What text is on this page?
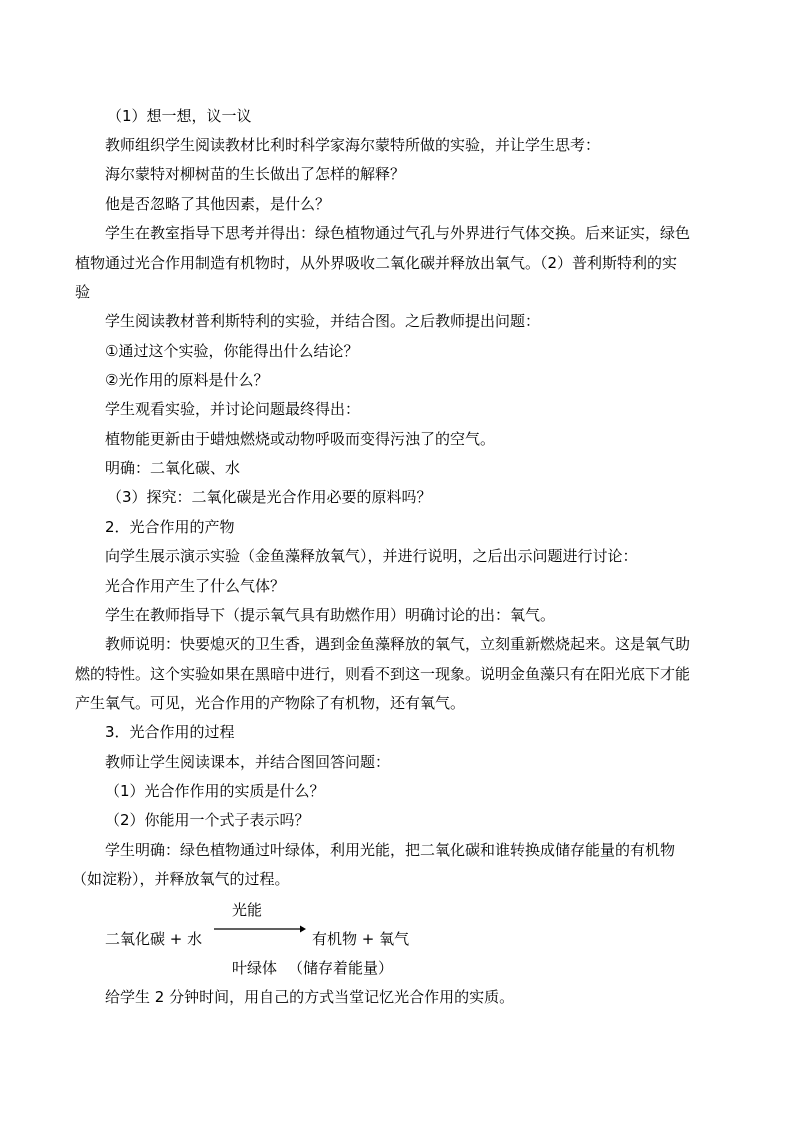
（1）想一想，议一议
教师组织学生阅读教材比利时科学家海尔蒙特所做的实验，并让学生思考：
海尔蒙特对柳树苗的生长做出了怎样的解释？
他是否忽略了其他因素，是什么？
学生在教室指导下思考并得出：绿色植物通过气孔与外界进行气体交换。后来证实，绿色
植物通过光合作用制造有机物时，从外界吸收二氧化碳并释放出氧气。（2）普利斯特利的实
验
学生阅读教材普利斯特利的实验，并结合图。之后教师提出问题：
①通过这个实验，你能得出什么结论？
②光作用的原料是什么？
学生观看实验，并讨论问题最终得出：
植物能更新由于蜡烛燃烧或动物呼吸而变得污浊了的空气。
明确：二氧化碳、水
（3）探究：二氧化碳是光合作用必要的原料吗？
2．光合作用的产物
向学生展示演示实验（金鱼藻释放氧气），并进行说明，之后出示问题进行讨论：
光合作用产生了什么气体？
学生在教师指导下（提示氧气具有助燃作用）明确讨论的出：氧气。
教师说明：快要熄灭的卫生香，遇到金鱼藻释放的氧气，立刻重新燃烧起来。这是氧气助
燃的特性。这个实验如果在黑暗中进行，则看不到这一现象。说明金鱼藻只有在阳光底下才能
产生氧气。可见，光合作用的产物除了有机物，还有氧气。
3．光合作用的过程
教师让学生阅读课本，并结合图回答问题：
（1）光合作作用的实质是什么？
（2）你能用一个式子表示吗？
学生明确：绿色植物通过叶绿体，利用光能，把二氧化碳和谁转换成储存能量的有机物
（如淀粉），并释放氧气的过程。
光能
二氧化碳 + 水	有机物 + 氧气
叶绿体 （储存着能量）
给学生 2 分钟时间，用自己的方式当堂记忆光合作用的实质。
